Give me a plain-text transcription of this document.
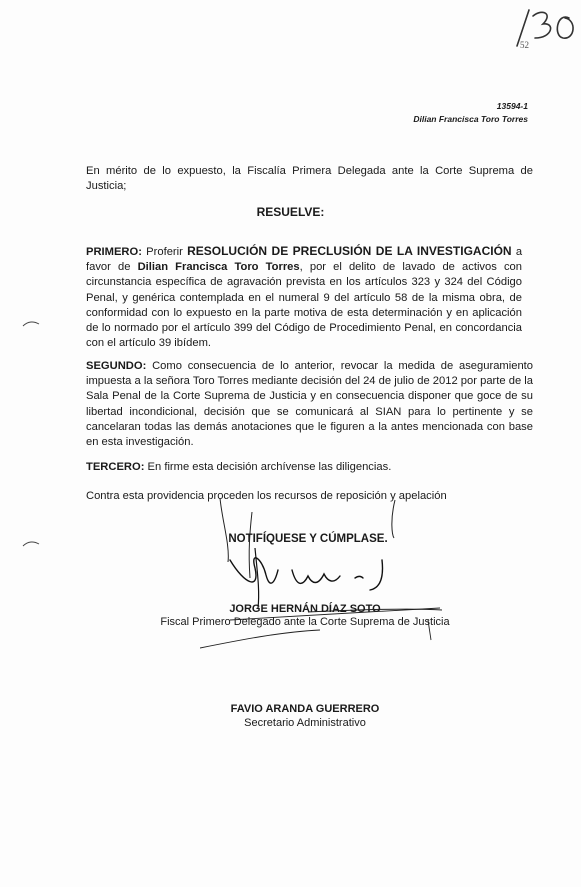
52
13594-1
Dilian Francisca Toro Torres
En mérito de lo expuesto, la Fiscalía Primera Delegada ante la Corte Suprema de Justicia;
RESUELVE:
PRIMERO: Proferir RESOLUCIÓN DE PRECLUSIÓN DE LA INVESTIGACIÓN a favor de Dilian Francisca Toro Torres, por el delito de lavado de activos con circunstancia específica de agravación prevista en los artículos 323 y 324 del Código Penal, y genérica contemplada en el numeral 9 del artículo 58 de la misma obra, de conformidad con lo expuesto en la parte motiva de esta determinación y en aplicación de lo normado por el artículo 399 del Código de Procedimiento Penal, en concordancia con el artículo 39 ibídem.
SEGUNDO: Como consecuencia de lo anterior, revocar la medida de aseguramiento impuesta a la señora Toro Torres mediante decisión del 24 de julio de 2012 por parte de la Sala Penal de la Corte Suprema de Justicia y en consecuencia disponer que goce de su libertad incondicional, decisión que se comunicará al SIAN para lo pertinente y se cancelaran todas las demás anotaciones que le figuren a la antes mencionada con base en esta investigación.
TERCERO: En firme esta decisión archívense las diligencias.
Contra esta providencia proceden los recursos de reposición y apelación
NOTIFÍQUESE Y CÚMPLASE.
JORGE HERNÁN DÍAZ SOTO
Fiscal Primero Delegado ante la Corte Suprema de Justicia
FAVIO ARANDA GUERRERO
Secretario Administrativo
